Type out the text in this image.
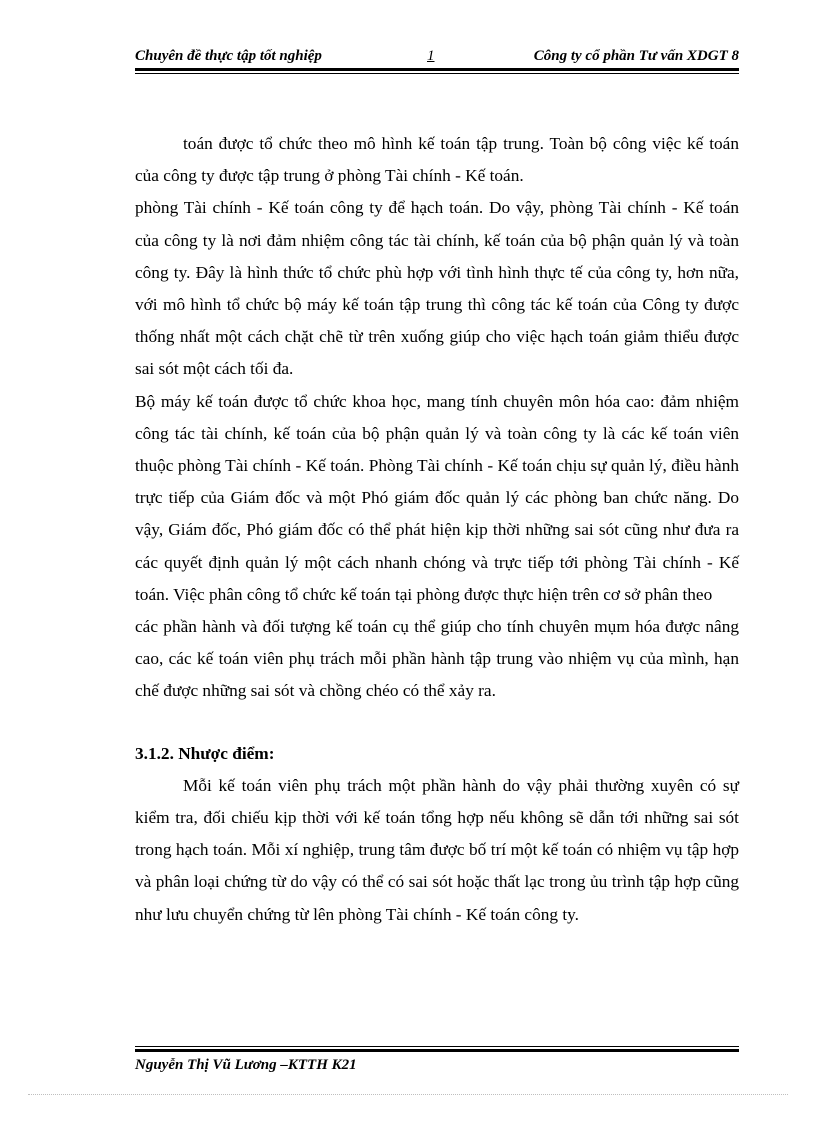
Chuyên đề thực tập tốt nghiệp	1	Công ty cổ phần Tư vấn XDGT 8

toán được tổ chức theo mô hình kế toán tập trung. Toàn bộ công việc kế toán của công ty được tập trung ở phòng Tài chính - Kế toán.

phòng Tài chính - Kế toán công ty để hạch toán. Do vậy, phòng Tài chính - Kế toán của công ty là nơi đảm nhiệm công tác tài chính, kế toán của bộ phận quản lý và toàn công ty. Đây là hình thức tổ chức phù hợp với tình hình thực tế của công ty, hơn nữa, với mô hình tổ chức bộ máy kế toán tập trung thì công tác kế toán của Công ty được thống nhất một cách chặt chẽ từ trên xuống giúp cho việc hạch toán giảm thiểu được sai sót một cách tối đa.

Bộ máy kế toán được tổ chức khoa học, mang tính chuyên môn hóa cao: đảm nhiệm công tác tài chính, kế toán của bộ phận quản lý và toàn công ty là các kế toán viên thuộc phòng Tài chính - Kế toán. Phòng Tài chính - Kế toán chịu sự quản lý, điều hành trực tiếp của Giám đốc và một Phó giám đốc quản lý các phòng ban chức năng. Do vậy, Giám đốc, Phó giám đốc có thể phát hiện kịp thời những sai sót cũng như đưa ra các quyết định quản lý một cách nhanh chóng và trực tiếp tới phòng Tài chính - Kế toán. Việc phân công tổ chức kế toán tại phòng được thực hiện trên cơ sở phân theo

các phần hành và đối tượng kế toán cụ thể giúp cho tính chuyên mụm hóa được nâng cao, các kế toán viên phụ trách mỗi phần hành tập trung vào nhiệm vụ của mình, hạn chế được những sai sót và chồng chéo có thể xảy ra.

3.1.2. Nhược điểm:

Mỗi kế toán viên phụ trách một phần hành do vậy phải thường xuyên có sự kiểm tra, đối chiếu kịp thời với kế toán tổng hợp nếu không sẽ dẫn tới những sai sót trong hạch toán. Mỗi xí nghiệp, trung tâm được bố trí một kế toán có nhiệm vụ tập hợp và phân loại chứng từ do vậy có thể có sai sót hoặc thất lạc trong ủu trình tập hợp cũng như lưu chuyển chứng từ lên phòng Tài chính - Kế toán công ty.

Nguyễn Thị Vũ Lương –KTTH K21
